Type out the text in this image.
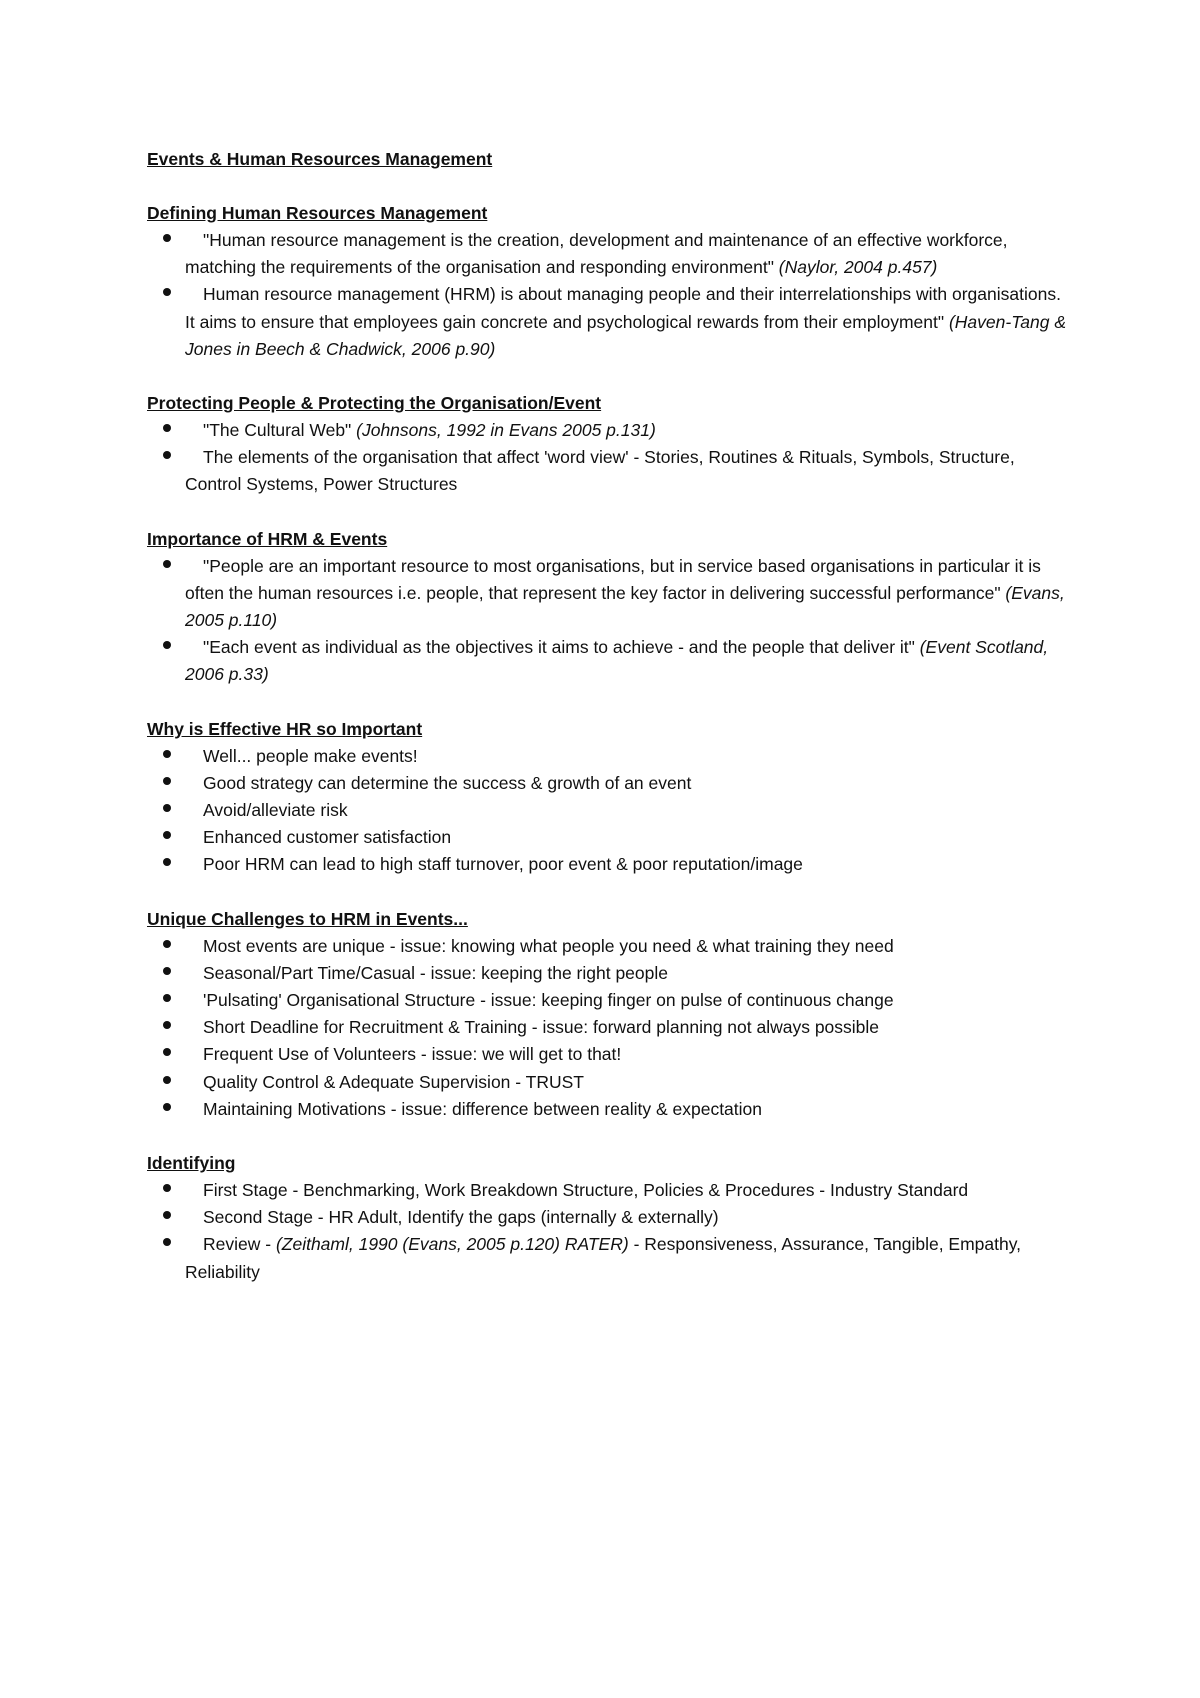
Events & Human Resources Management
Defining Human Resources Management
"Human resource management is the creation, development and maintenance of an effective workforce, matching the requirements of the organisation and responding environment" (Naylor, 2004 p.457)
Human resource management (HRM) is about managing people and their interrelationships with organisations. It aims to ensure that employees gain concrete and psychological rewards from their employment" (Haven-Tang & Jones in Beech & Chadwick, 2006 p.90)
Protecting People & Protecting the Organisation/Event
"The Cultural Web" (Johnsons, 1992 in Evans 2005 p.131)
The elements of the organisation that affect 'word view' - Stories, Routines & Rituals, Symbols, Structure, Control Systems, Power Structures
Importance of HRM & Events
"People are an important resource to most organisations, but in service based organisations in particular it is often the human resources i.e. people, that represent the key factor in delivering successful performance" (Evans, 2005 p.110)
"Each event as individual as the objectives it aims to achieve - and the people that deliver it" (Event Scotland, 2006 p.33)
Why is Effective HR so Important
Well... people make events!
Good strategy can determine the success & growth of an event
Avoid/alleviate risk
Enhanced customer satisfaction
Poor HRM can lead to high staff turnover, poor event & poor reputation/image
Unique Challenges to HRM in Events...
Most events are unique - issue: knowing what people you need & what training they need
Seasonal/Part Time/Casual - issue: keeping the right people
'Pulsating' Organisational Structure - issue: keeping finger on pulse of continuous change
Short Deadline for Recruitment & Training - issue: forward planning not always possible
Frequent Use of Volunteers - issue: we will get to that!
Quality Control & Adequate Supervision - TRUST
Maintaining Motivations - issue: difference between reality & expectation
Identifying
First Stage - Benchmarking, Work Breakdown Structure, Policies & Procedures - Industry Standard
Second Stage - HR Adult, Identify the gaps (internally & externally)
Review - (Zeithaml, 1990 (Evans, 2005 p.120) RATER) - Responsiveness, Assurance, Tangible, Empathy, Reliability
